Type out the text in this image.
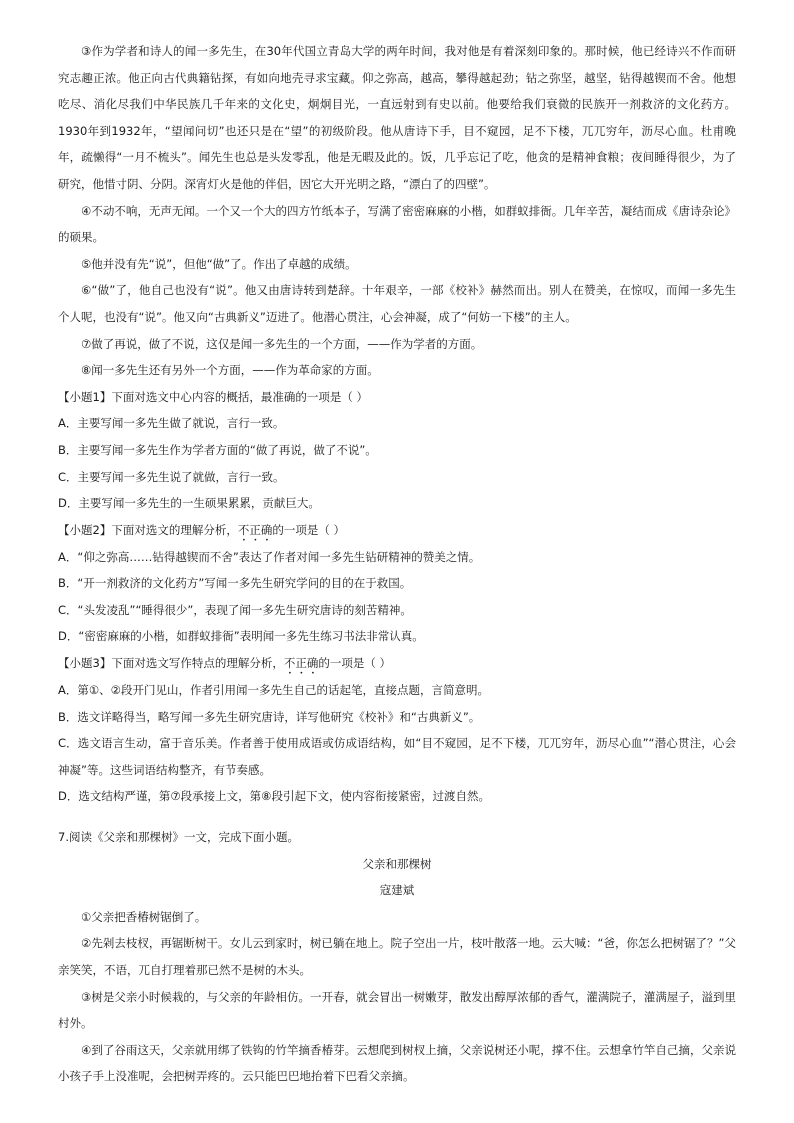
③作为学者和诗人的闻一多先生，在30年代国立青岛大学的两年时间，我对他是有着深刻印象的。那时候，他已经诗兴不作而研究志趣正浓。他正向古代典籍钻探，有如向地壳寻求宝藏。仰之弥高，越高，攀得越起劲；钻之弥坚，越坚，钻得越锲而不舍。他想吃尽、消化尽我们中华民族几千年来的文化史，炯炯目光，一直远射到有史以前。他要给我们衰微的民族开一剂救济的文化药方。1930年到1932年，“望闻问切”也还只是在“望”的初级阶段。他从唐诗下手，目不窥园，足不下楼，兀兀穷年，沥尽心血。杜甫晚年，疏懒得“一月不梳头”。闻先生也总是头发零乱，他是无暇及此的。饭，几乎忘记了吃，他贪的是精神食粮；夜间睡得很少，为了研究，他惜寸阴、分阴。深宵灯火是他的伴侣，因它大开光明之路，“漂白了的四壁”。

④不动不响，无声无闻。一个又一个大的四方竹纸本子，写满了密密麻麻的小楷，如群蚁排衙。几年辛苦，凝结而成《唐诗杂论》的硕果。

⑤他并没有先“说”，但他“做”了。作出了卓越的成绩。

⑥“做”了，他自己也没有“说”。他又由唐诗转到楚辞。十年艰辛，一部《校补》赫然而出。别人在赞美，在惊叹，而闻一多先生个人呢，也没有“说”。他又向“古典新义”迈进了。他潜心贯注，心会神凝，成了“何妨一下楼”的主人。

⑦做了再说，做了不说，这仅是闻一多先生的一个方面，——作为学者的方面。

⑧闻一多先生还有另外一个方面，——作为革命家的方面。

【小题1】下面对选文中心内容的概括，最准确的一项是（ ）

A．主要写闻一多先生做了就说，言行一致。

B．主要写闻一多先生作为学者方面的“做了再说，做了不说”。

C．主要写闻一多先生说了就做，言行一致。

D．主要写闻一多先生的一生硕果累累，贡献巨大。

【小题2】下面对选文的理解分析，不正确的一项是（ ）

A．“仰之弥高……钻得越锲而不舍”表达了作者对闻一多先生钻研精神的赞美之情。

B．“开一剂救济的文化药方”写闻一多先生研究学问的目的在于救国。

C．“头发凌乱”“睡得很少”，表现了闻一多先生研究唐诗的刻苦精神。

D．“密密麻麻的小楷，如群蚁排衙”表明闻一多先生练习书法非常认真。

【小题3】下面对选文写作特点的理解分析，不正确的一项是（ ）

A．第①、②段开门见山，作者引用闻一多先生自己的话起笔，直接点题，言简意明。

B．选文详略得当，略写闻一多先生研究唐诗，详写他研究《校补》和“古典新义”。

C．选文语言生动，富于音乐美。作者善于使用成语或仿成语结构，如“目不窥园，足不下楼，兀兀穷年，沥尽心血”“潜心贯注，心会神凝”等。这些词语结构整齐，有节奏感。

D．选文结构严谨，第⑦段承接上文，第⑧段引起下文，使内容衔接紧密，过渡自然。

7.阅读《父亲和那棵树》一文，完成下面小题。

父亲和那棵树

寇建斌

①父亲把香椿树锯倒了。

②先剁去枝杈，再锯断树干。女儿云到家时，树已躺在地上。院子空出一片，枝叶散落一地。云大喊：“爸，你怎么把树锯了？”父亲笑笑，不语，兀自打理着那已然不是树的木头。

③树是父亲小时候栽的，与父亲的年龄相仿。一开春，就会冒出一树嫩芽，散发出醇厚浓郁的香气，灌满院子，灌满屋子，溢到里村外。

④到了谷雨这天，父亲就用绑了铁钩的竹竿摘香椿芽。云想爬到树杈上摘，父亲说树还小呢，撑不住。云想拿竹竿自己摘，父亲说小孩子手上没准呢，会把树弄疼的。云只能巴巴地抬着下巴看父亲摘。
